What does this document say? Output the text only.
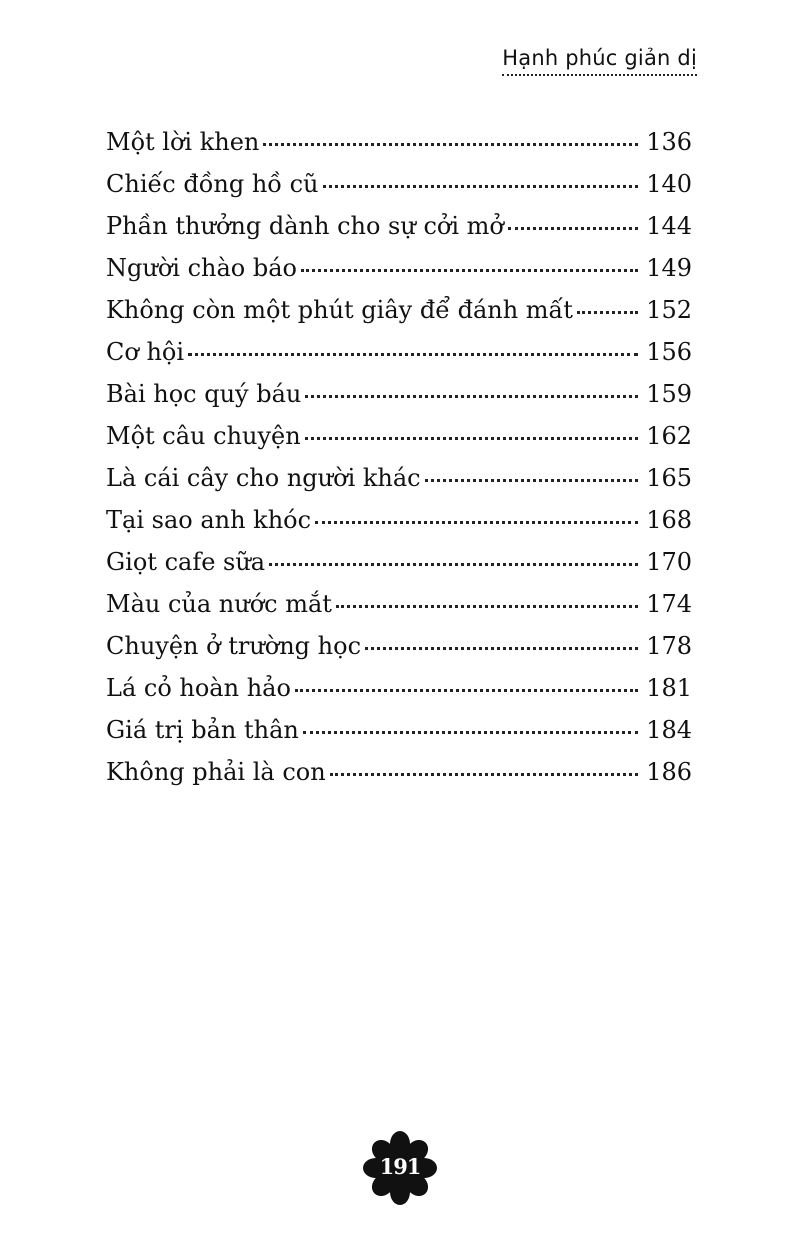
Hạnh phúc giản dị
Một lời khen	136
Chiếc đồng hồ cũ	140
Phần thưởng dành cho sự cởi mở	144
Người chào báo	149
Không còn một phút giây để đánh mất	152
Cơ hội	156
Bài học quý báu	159
Một câu chuyện	162
Là cái cây cho người khác	165
Tại sao anh khóc	168
Giọt cafe sữa	170
Màu của nước mắt	174
Chuyện ở trường học	178
Lá cỏ hoàn hảo	181
Giá trị bản thân	184
Không phải là con	186
191
